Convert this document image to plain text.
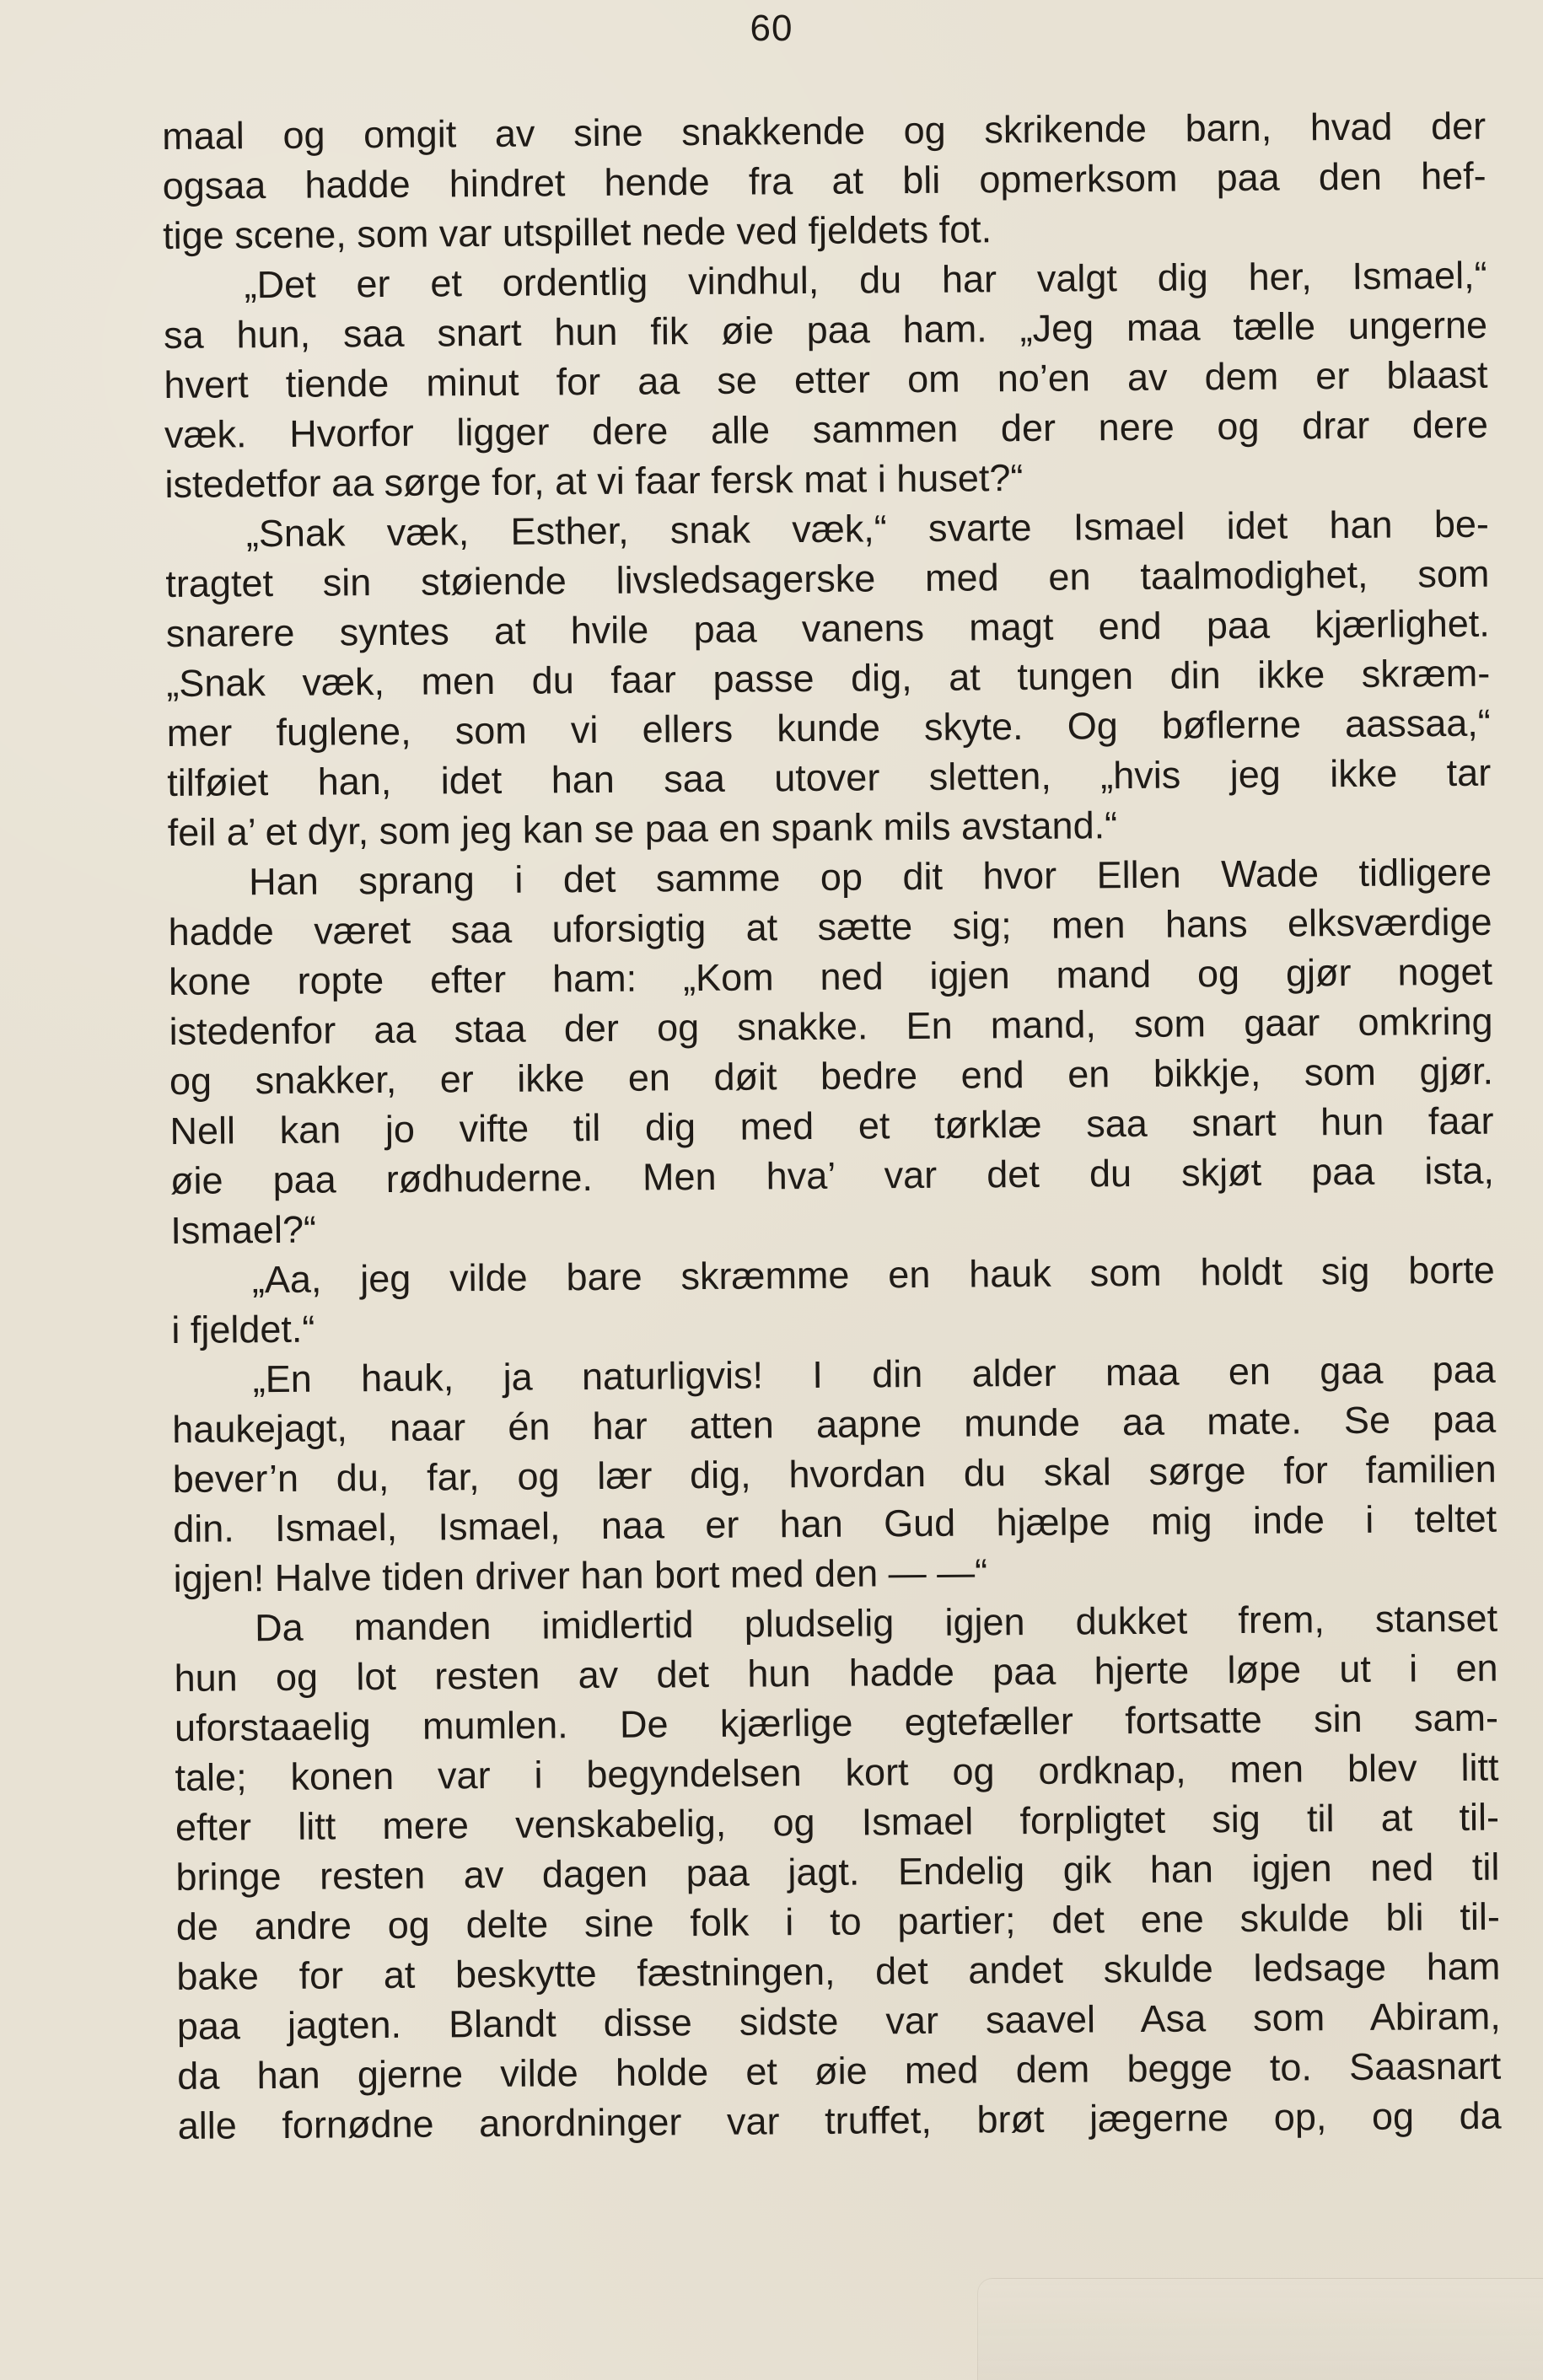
60
maal og omgit av sine snakkende og skrikende barn, hvad der
ogsaa hadde hindret hende fra at bli opmerksom paa den hef-
tige scene, som var utspillet nede ved fjeldets fot.
„Det er et ordentlig vindhul, du har valgt dig her, Ismael,“
sa hun, saa snart hun fik øie paa ham. „Jeg maa tælle ungerne
hvert tiende minut for aa se etter om no’en av dem er blaast
væk. Hvorfor ligger dere alle sammen der nere og drar dere
istedetfor aa sørge for, at vi faar fersk mat i huset?“
„Snak væk, Esther, snak væk,“ svarte Ismael idet han be-
tragtet sin støiende livsledsagerske med en taalmodighet, som
snarere syntes at hvile paa vanens magt end paa kjærlighet.
„Snak væk, men du faar passe dig, at tungen din ikke skræm-
mer fuglene, som vi ellers kunde skyte. Og bøflerne aassaa,“
tilføiet han, idet han saa utover sletten, „hvis jeg ikke tar
feil a’ et dyr, som jeg kan se paa en spank mils avstand.“
Han sprang i det samme op dit hvor Ellen Wade tidligere
hadde været saa uforsigtig at sætte sig; men hans elksværdige
kone ropte efter ham: „Kom ned igjen mand og gjør noget
istedenfor aa staa der og snakke. En mand, som gaar omkring
og snakker, er ikke en døit bedre end en bikkje, som gjør.
Nell kan jo vifte til dig med et tørklæ saa snart hun faar
øie paa rødhuderne. Men hva’ var det du skjøt paa ista,
Ismael?“
„Aa, jeg vilde bare skræmme en hauk som holdt sig borte
i fjeldet.“
„En hauk, ja naturligvis! I din alder maa en gaa paa
haukejagt, naar én har atten aapne munde aa mate. Se paa
bever’n du, far, og lær dig, hvordan du skal sørge for familien
din. Ismael, Ismael, naa er han Gud hjælpe mig inde i teltet
igjen! Halve tiden driver han bort med den — —“
Da manden imidlertid pludselig igjen dukket frem, stanset
hun og lot resten av det hun hadde paa hjerte løpe ut i en
uforstaaelig mumlen. De kjærlige egtefæller fortsatte sin sam-
tale; konen var i begyndelsen kort og ordknap, men blev litt
efter litt mere venskabelig, og Ismael forpligtet sig til at til-
bringe resten av dagen paa jagt. Endelig gik han igjen ned til
de andre og delte sine folk i to partier; det ene skulde bli til-
bake for at beskytte fæstningen, det andet skulde ledsage ham
paa jagten. Blandt disse sidste var saavel Asa som Abiram,
da han gjerne vilde holde et øie med dem begge to. Saasnart
alle fornødne anordninger var truffet, brøt jægerne op, og da
